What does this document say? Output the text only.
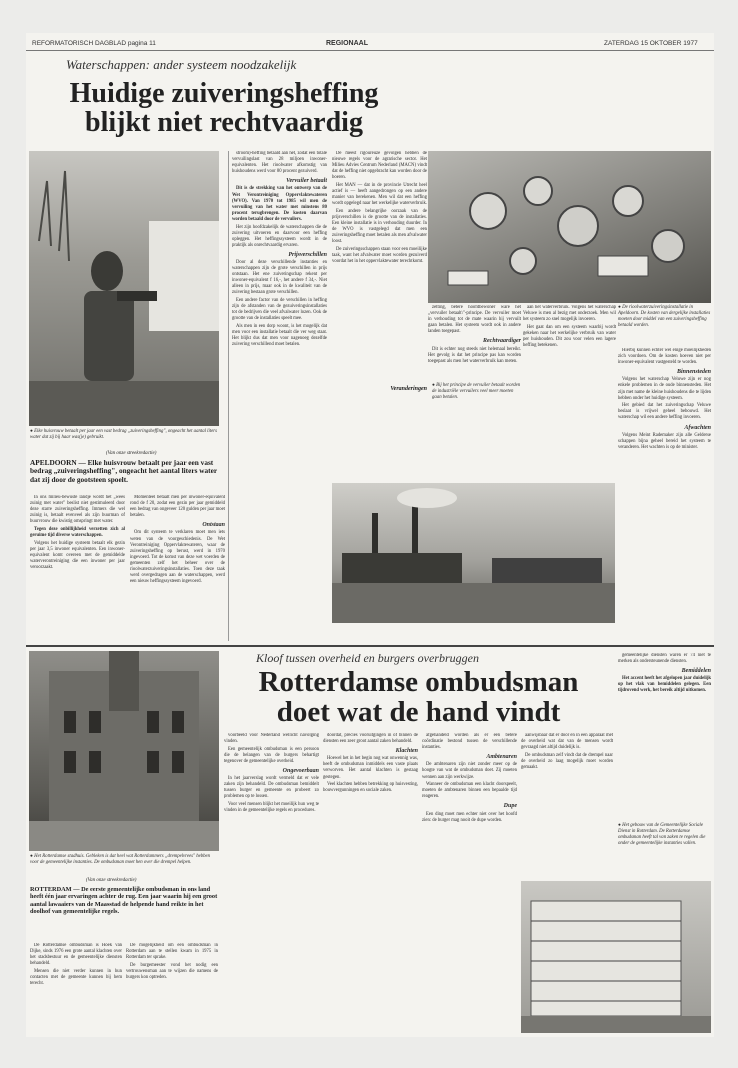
REFORMATORISCH DAGBLAD pagina 11	REGIONAAL	ZATERDAG 15 OKTOBER 1977
Waterschappen: ander systeem noodzakelijk
Huidige zuiveringsheffing
blijkt niet rechtvaardig
● Elke huisvrouw betaalt per jaar een vast bedrag „zuiveringsheffing", ongeacht het aantal liters water dat zij bij haar was(je) gebruikt.
(Van onze streekredactie)
APELDOORN — Elke huisvrouw betaalt per jaar een vast bedrag „zuiveringsheffing", ongeacht het aantal liters water dat zij door de gootsteen spoelt.

In ons milieu-bewuste landje wordt het „wees zuinig met water" beslist niet gestimuleerd door deze starre zuiveringsheffing. Immers die wel zuinig is, betaalt evenveel als zijn buurman of buurvrouw die kwistig omspringt met water.

Tegen deze onbillijkheid verzetten zich al geruime tijd diverse waterschappen.

Volgens het huidige systeem betaalt elk gezin per jaar 3,5 inwoner equivalenten. Een inwoner-equivalent komt overeen met de gemiddelde waterverontreiniging die een inwoner per jaar veroorzaakt.

Momenteel betaalt men per inwoner-equivalent rond de f 20, zodat een gezin per jaar gemiddeld een bedrag van ongeveer 120 gulden per jaar moet betalen.

Ontstaan

Om dit systeem te verklaren moet men iets weten van de voorgeschiedenis. De Wet Verontreiniging Oppervlaktewateren, waar de zuiveringsheffing op berust, werd in 1970 ingevoerd. Tot de komst van deze wet voerden de gemeenten zelf het beheer over de rioolwaterzuiveringsinstallaties. Toen deze taak werd overgedragen aan de waterschappen, werd een nieuw heffingssysteem ingevoerd.

stroom)-heffing betaald aan het, zodat een totale vervuilingslast van 28 miljoen inwoner-equivalenten. Het rioolwater afkomstig van huishoudens werd voor 80 procent gezuiverd.

Vervuiler betaalt

Dit is de strekking van het ontwerp van de Wet Verontreiniging Oppervlaktewateren (WVO). Van 1970 tot 1985 wil men de vervuiling van het water met minstens 80 procent terugbrengen. De kosten daarvan worden betaald door de vervuilers.

Het zijn hoofdzakelijk de waterschappen die de zuivering uitvoeren en daarvoor een heffing opleggen. Het heffingssysteem wordt in de praktijk als onrechtvaardig ervaren.

Prijsverschillen

Door al deze verschillende instanties en waterschappen zijn de grote verschillen in prijs ontstaan. Het ene zuiveringschap rekent per inwoner-equivalent f 16,-, het andere f 34,-. Niet alleen in prijs, maar ook in de kwaliteit van de zuivering bestaan grote verschillen.

Een andere factor van de verschillen in heffing zijn de afstanden van de gezuiveringsinstallaties tot de bedrijven die veel afvalwater lozen. Ook de grootte van de installaties speelt mee.

Als men in een dorp woont, is het mogelijk dat men voor een installatie betaalt die ver weg staat. Het blijkt dus dat men voor nagenoeg dezelfde zuivering verschillend moet betalen.

De meest rigoureuze gevolgen hebben de nieuwe regels voor de agrarische sector. Het Milieu Advies Centrum Nederland (MACN) vindt dat de heffing niet opgebracht kan worden door de boeren.

Het MAN — dat in de provincie Utrecht heel actief is — heeft aangedrongen op een andere manier van berekenen. Men wil dat een heffing wordt opgelegd naar het werkelijke waterverbruik.

Een andere belangrijke oorzaak van de prijsverschillen is de grootte van de installaties. Een kleine installatie is in verhouding duurder. In de WVO is vastgelegd dat men een zuiveringsheffing moet betalen als men afvalwater loost.

De zuiveringsschappen staan voor een moeilijke taak, want het afvalwater moet worden gezuiverd voordat het in het oppervlaktewater terechtkomt.

zetting, betere hoofdbewoner ware het „vervuiler betaalt\"-principe. De vervuiler moet in verhouding tot de mate waarin hij vervuilt gaan betalen. Het systeem wordt ook in andere landen toegepast.

Rechtvaardiger

Dit is echter nog steeds niet helemaal bereikt. Het gevolg is dat het principe pas kan worden toegepast als men het waterverbruik kan meten.

aan het waterverbruik. Volgens het waterschap Veluwe is men al bezig met onderzoek. Men wil het systeem zo snel mogelijk invoeren.

Het gaat dan om een systeem waarbij wordt gekeken naar het werkelijke verbruik van water per huishouden. Dit zou voor velen een lagere heffing betekenen.

● Bij het principe de vervuiler betaalt worden de industriële vervuilers veel meer moeten gaan betalen.
Veranderingen
● De rioolwaterzuiveringsinstallatie in Apeldoorn. De kosten van dergelijke installaties moeten door middel van een zuiveringsheffing betaald worden.

Hierbij kunnen echter wel enige moeilijkheden zich voordoen. Om de kosten hoeven niet per inwoner-equivalent vastgesteld te worden.

Binnensteden

Volgens het waterschap Veluwe zijn er nog enkele problemen in de oude binnensteden. Het zijn met name de kleine huishoudens die te lijden hebben onder het huidige systeem.

Het gebied dat het zuiveringschap Veluwe beslaat is vrijwel geheel bebouwd. Het waterschap wil een andere heffing invoeren.

Afwachten

Volgens Meint Rademaker zijn alle Gelderse schappen bijna geheel bereid het systeem te veranderen. Het wachten is op de minister.

Kloof tussen overheid en burgers overbruggen
Rotterdamse ombudsman
doet wat de hand vindt
● Het Rotterdamse stadhuis. Gebleken is dat heel wat Rotterdammers „drempelvrees" hebben voor de gemeentelijke instanties. De ombudsman moet hen over die drempel helpen.
(Van onze streekredactie)
ROTTERDAM — De eerste gemeentelijke ombudsman in ons land heeft één jaar ervaringen achter de rug. Een jaar waarin hij een groot aantal lawaaiers van de Maasstad de helpende hand reikte in het doolhof van gemeentelijke regels.

De Rotterdamse ombudsman is Hoek van Dijke, sinds 1976 een grote aantal klachten over het stadsbestuur en de gemeentelijke diensten behandeld.

Mensen die niet verder kunnen in hun contacten met de gemeente kunnen bij hem terecht.

De mogelijkheid om een ombudsman in Rotterdam aan te stellen kwam in 1975 in Rotterdam ter sprake.

De burgemeester vond het nodig een vertrouwensman aan te wijzen die namens de burgers kon optreden.

voorbeeld voor Nederland wellicht navolging vinden.

Een gemeentelijk ombudsman is een persoon die de belangen van de burgers behartigt tegenover de gemeentelijke overheid.

Ongevoerbaan

In het jaarverslag wordt vermeld dat er vele zaken zijn behandeld. De ombudsman bemiddelt tussen burger en gemeente en probeert zo problemen op te lossen.

Voor veel mensen blijkt het moeilijk hun weg te vinden in de gemeentelijke regels en procedures.

doordat, precies vooruitgingen in of binnen de diensten een zeer groot aantal zaken behandeld.

Klachten

Hoewel het in het begin nog wat onwennig was, heeft de ombudsman inmiddels een vaste plaats verworven. Het aantal klachten is gestaag gestegen.

Veel klachten hebben betrekking op huisvesting, bouwvergunningen en sociale zaken.

afgehandeld worden als er een betere coördinatie bestond tussen de verschillende instanties.

Ambtenaren

De ambtenaren zijn niet zonder meer op de hoogte van wat de ombudsman doet. Zij moeten wennen aan zijn werkwijze.

Wanneer de ombudsman een klacht doorspeelt, moeten de ambtenaren binnen een bepaalde tijd reageren.

Dupe

Een ding moet men echter niet over het hoofd zien: de burger mag nooit de dupe worden.

aanwijsbaar dat er door en in een apparaat met de overheid wat dat van de mensen wordt gevraagd niet altijd duidelijk is.

De ombudsman zelf vindt dat de drempel naar de overheid zo laag mogelijk moet worden gemaakt.

gemeentelijke diensten waren er 74 niet te merken als ondersteunende diensten.

Bemiddelen

Het accent heeft het afgelopen jaar duidelijk op het vlak van bemiddelen gelegen. Een tijdrovend werk, het bereik altijd uitkomen.

● Het gebouw van de Gemeentelijke Sociale Dienst in Rotterdam. De Rotterdamse ombudsman heeft tal van zaken te regelen die onder de gemeentelijke instanties vallen.
